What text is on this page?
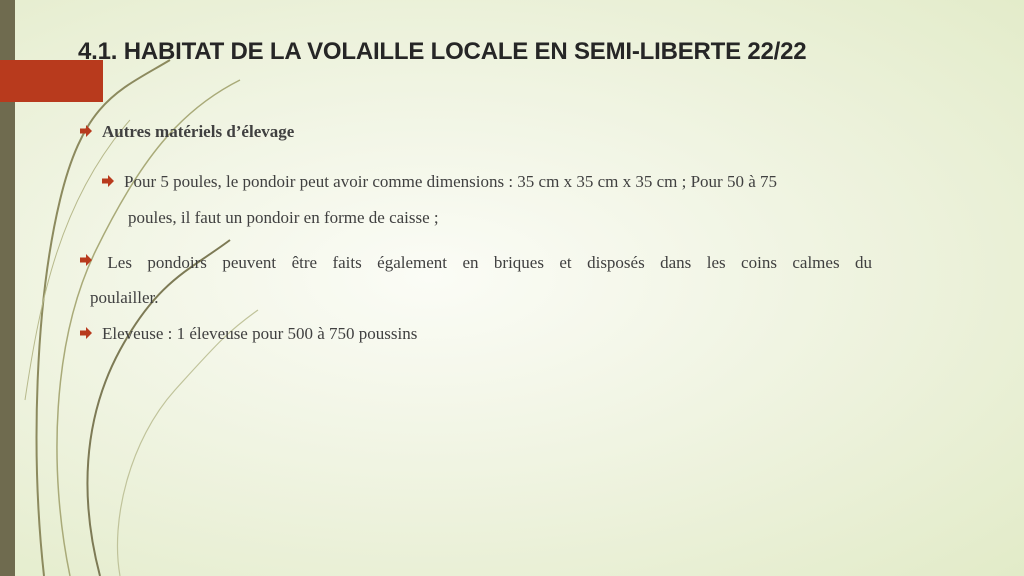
4.1. HABITAT DE LA VOLAILLE LOCALE EN SEMI-LIBERTE 22/22
Autres matériels d’élevage
Pour 5 poules, le pondoir peut avoir comme dimensions : 35 cm x 35 cm x 35 cm ; Pour 50 à 75
poules, il faut un pondoir en forme de caisse ;
Les pondoirs peuvent être faits également en briques et disposés dans les coins calmes du
poulailler.
Eleveuse : 1 éleveuse pour 500 à 750 poussins
